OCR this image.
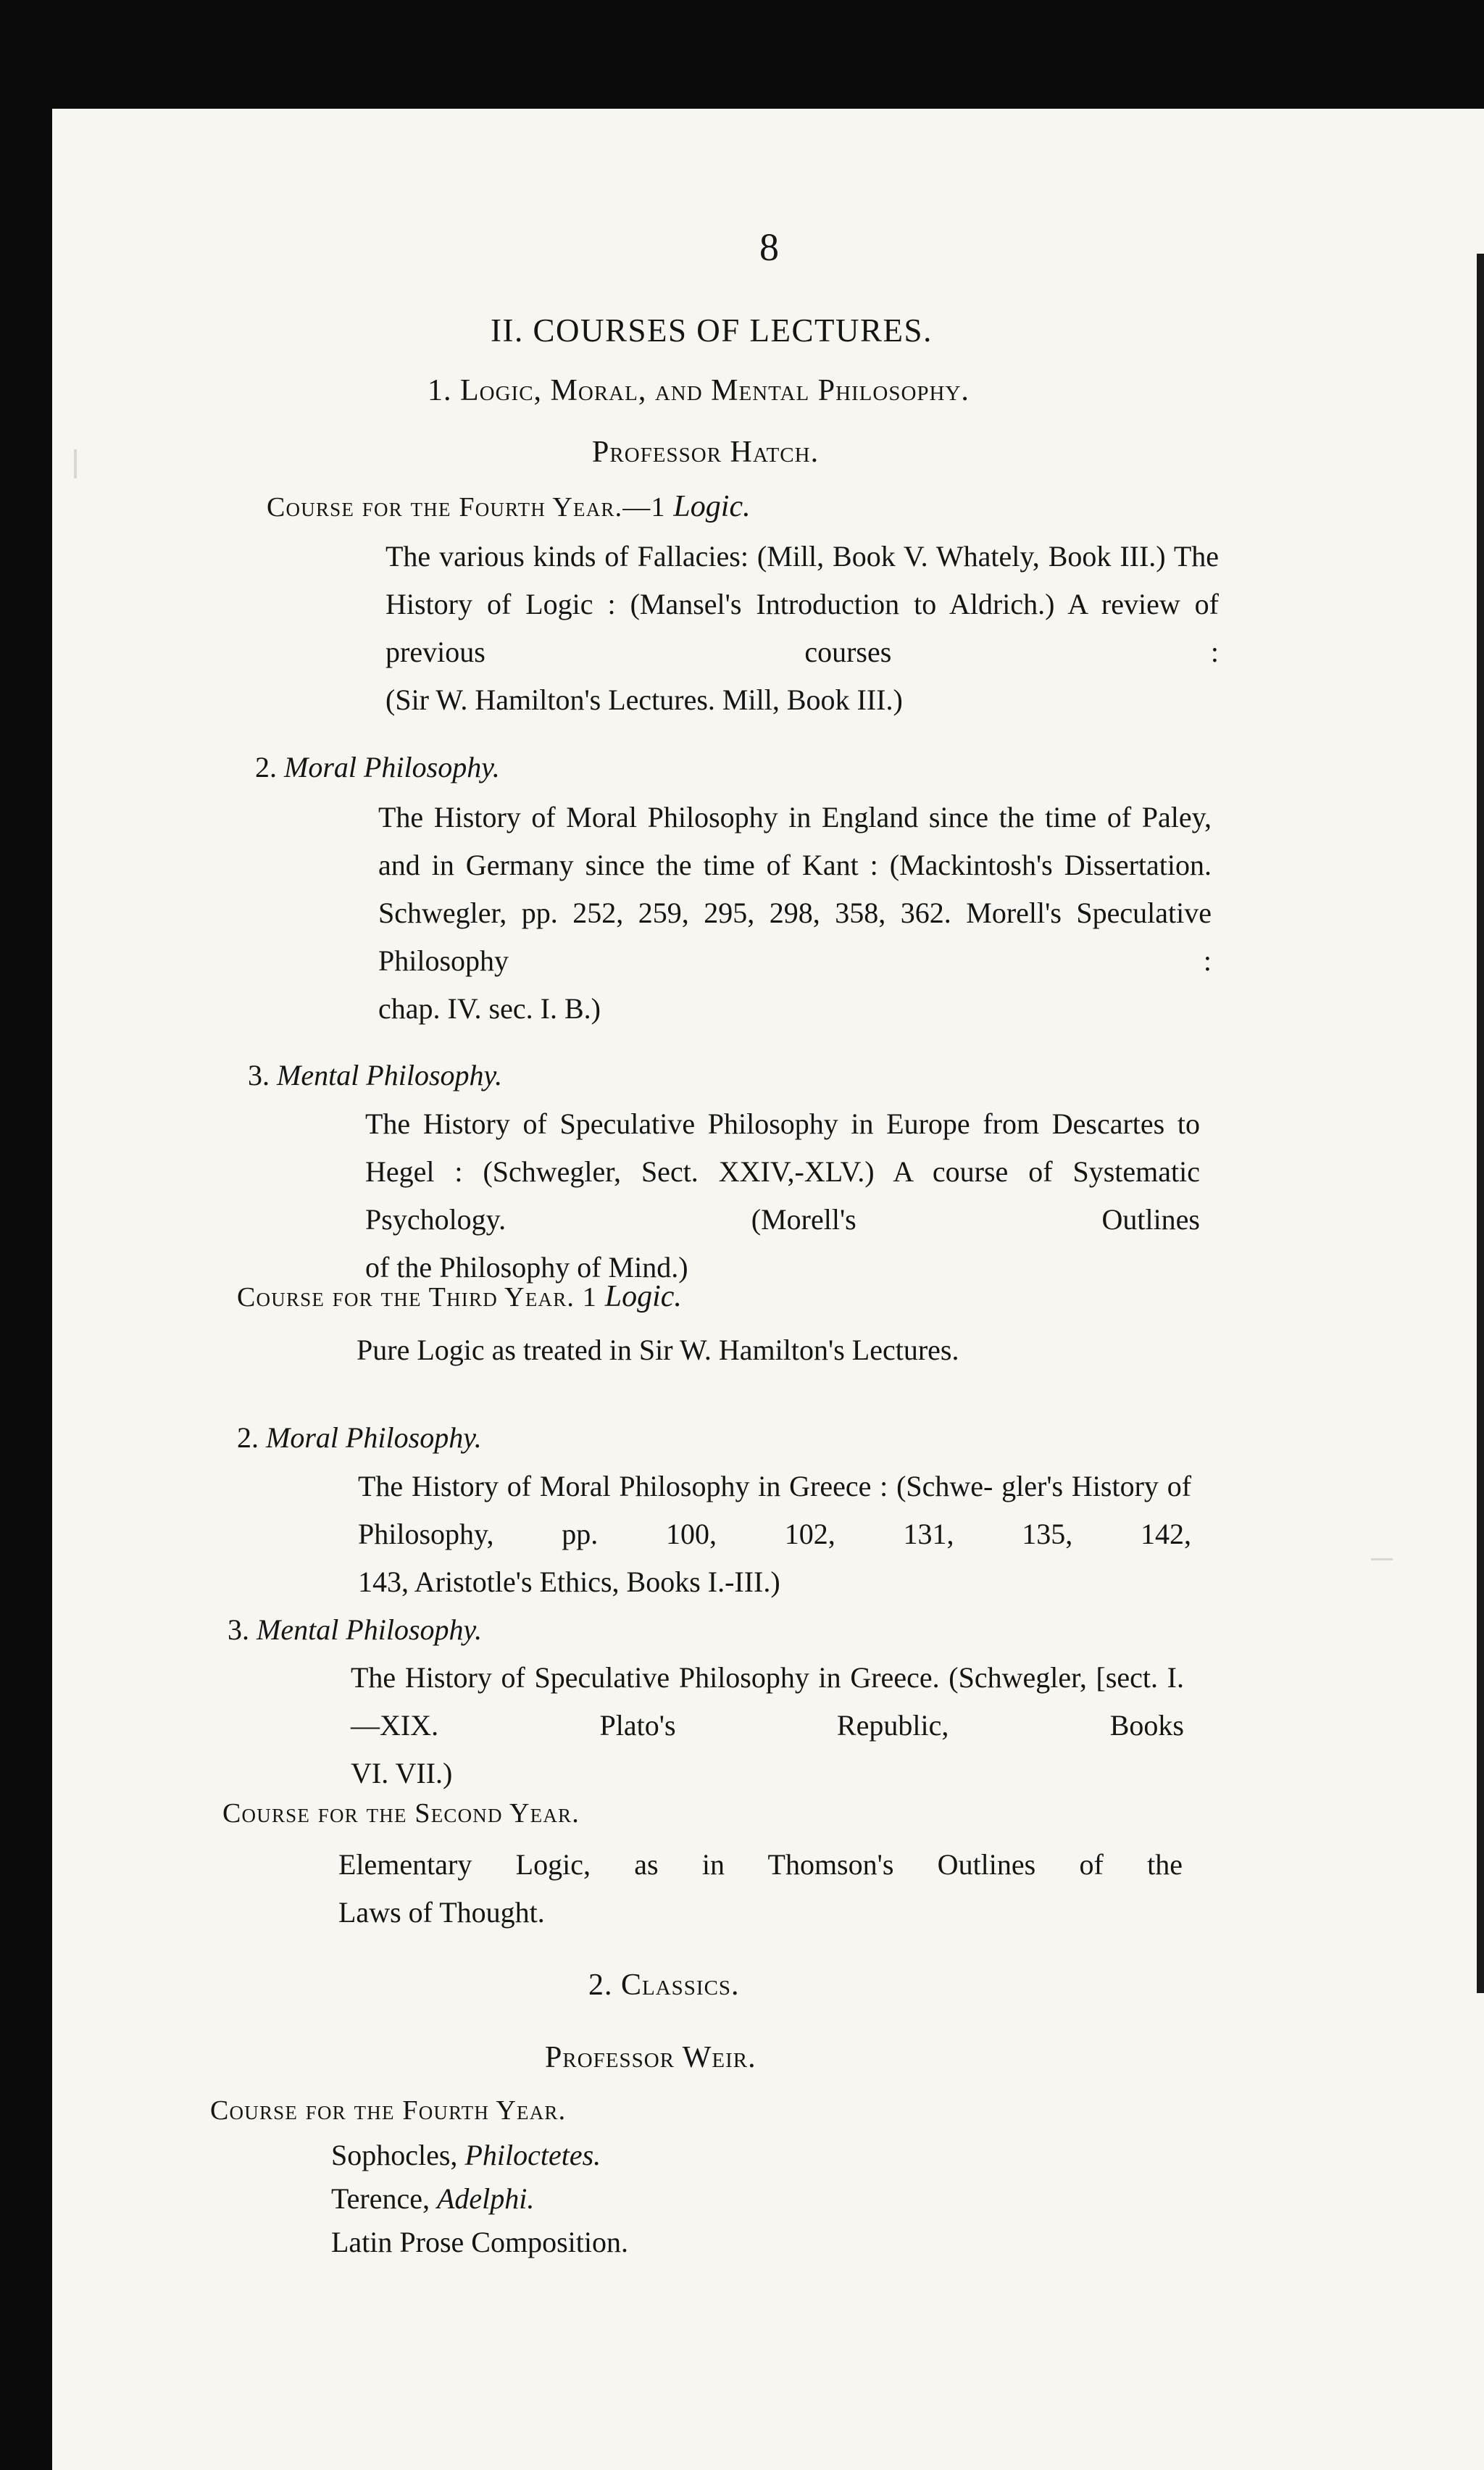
8
II. COURSES OF LECTURES.
1. Logic, Moral, and Mental Philosophy.
Professor Hatch.
Course for the Fourth Year.—1 Logic.
The various kinds of Fallacies: (Mill, Book V. Whately, Book III.) The History of Logic : (Mansel's Introduction to Aldrich.) A review of previous courses :
(Sir W. Hamilton's Lectures. Mill, Book III.)
2. Moral Philosophy.
The History of Moral Philosophy in England since the time of Paley, and in Germany since the time of Kant : (Mackintosh's Dissertation. Schwegler, pp. 252, 259, 295, 298, 358, 362. Morell's Speculative Philosophy :
chap. IV. sec. I. B.)
3. Mental Philosophy.
The History of Speculative Philosophy in Europe from Descartes to Hegel : (Schwegler, Sect. XXIV,-XLV.) A course of Systematic Psychology. (Morell's Outlines
of the Philosophy of Mind.)
Course for the Third Year. 1 Logic.
Pure Logic as treated in Sir W. Hamilton's Lectures.
2. Moral Philosophy.
The History of Moral Philosophy in Greece : (Schwe- gler's History of Philosophy, pp. 100, 102, 131, 135, 142,
143, Aristotle's Ethics, Books I.-III.)
3. Mental Philosophy.
The History of Speculative Philosophy in Greece. (Schwegler, [sect. I.—XIX. Plato's Republic, Books
VI. VII.)
Course for the Second Year.
Elementary Logic, as in Thomson's Outlines of the
Laws of Thought.
2. Classics.
Professor Weir.
Course for the Fourth Year.
Sophocles, Philoctetes.
Terence, Adelphi.
Latin Prose Composition.
